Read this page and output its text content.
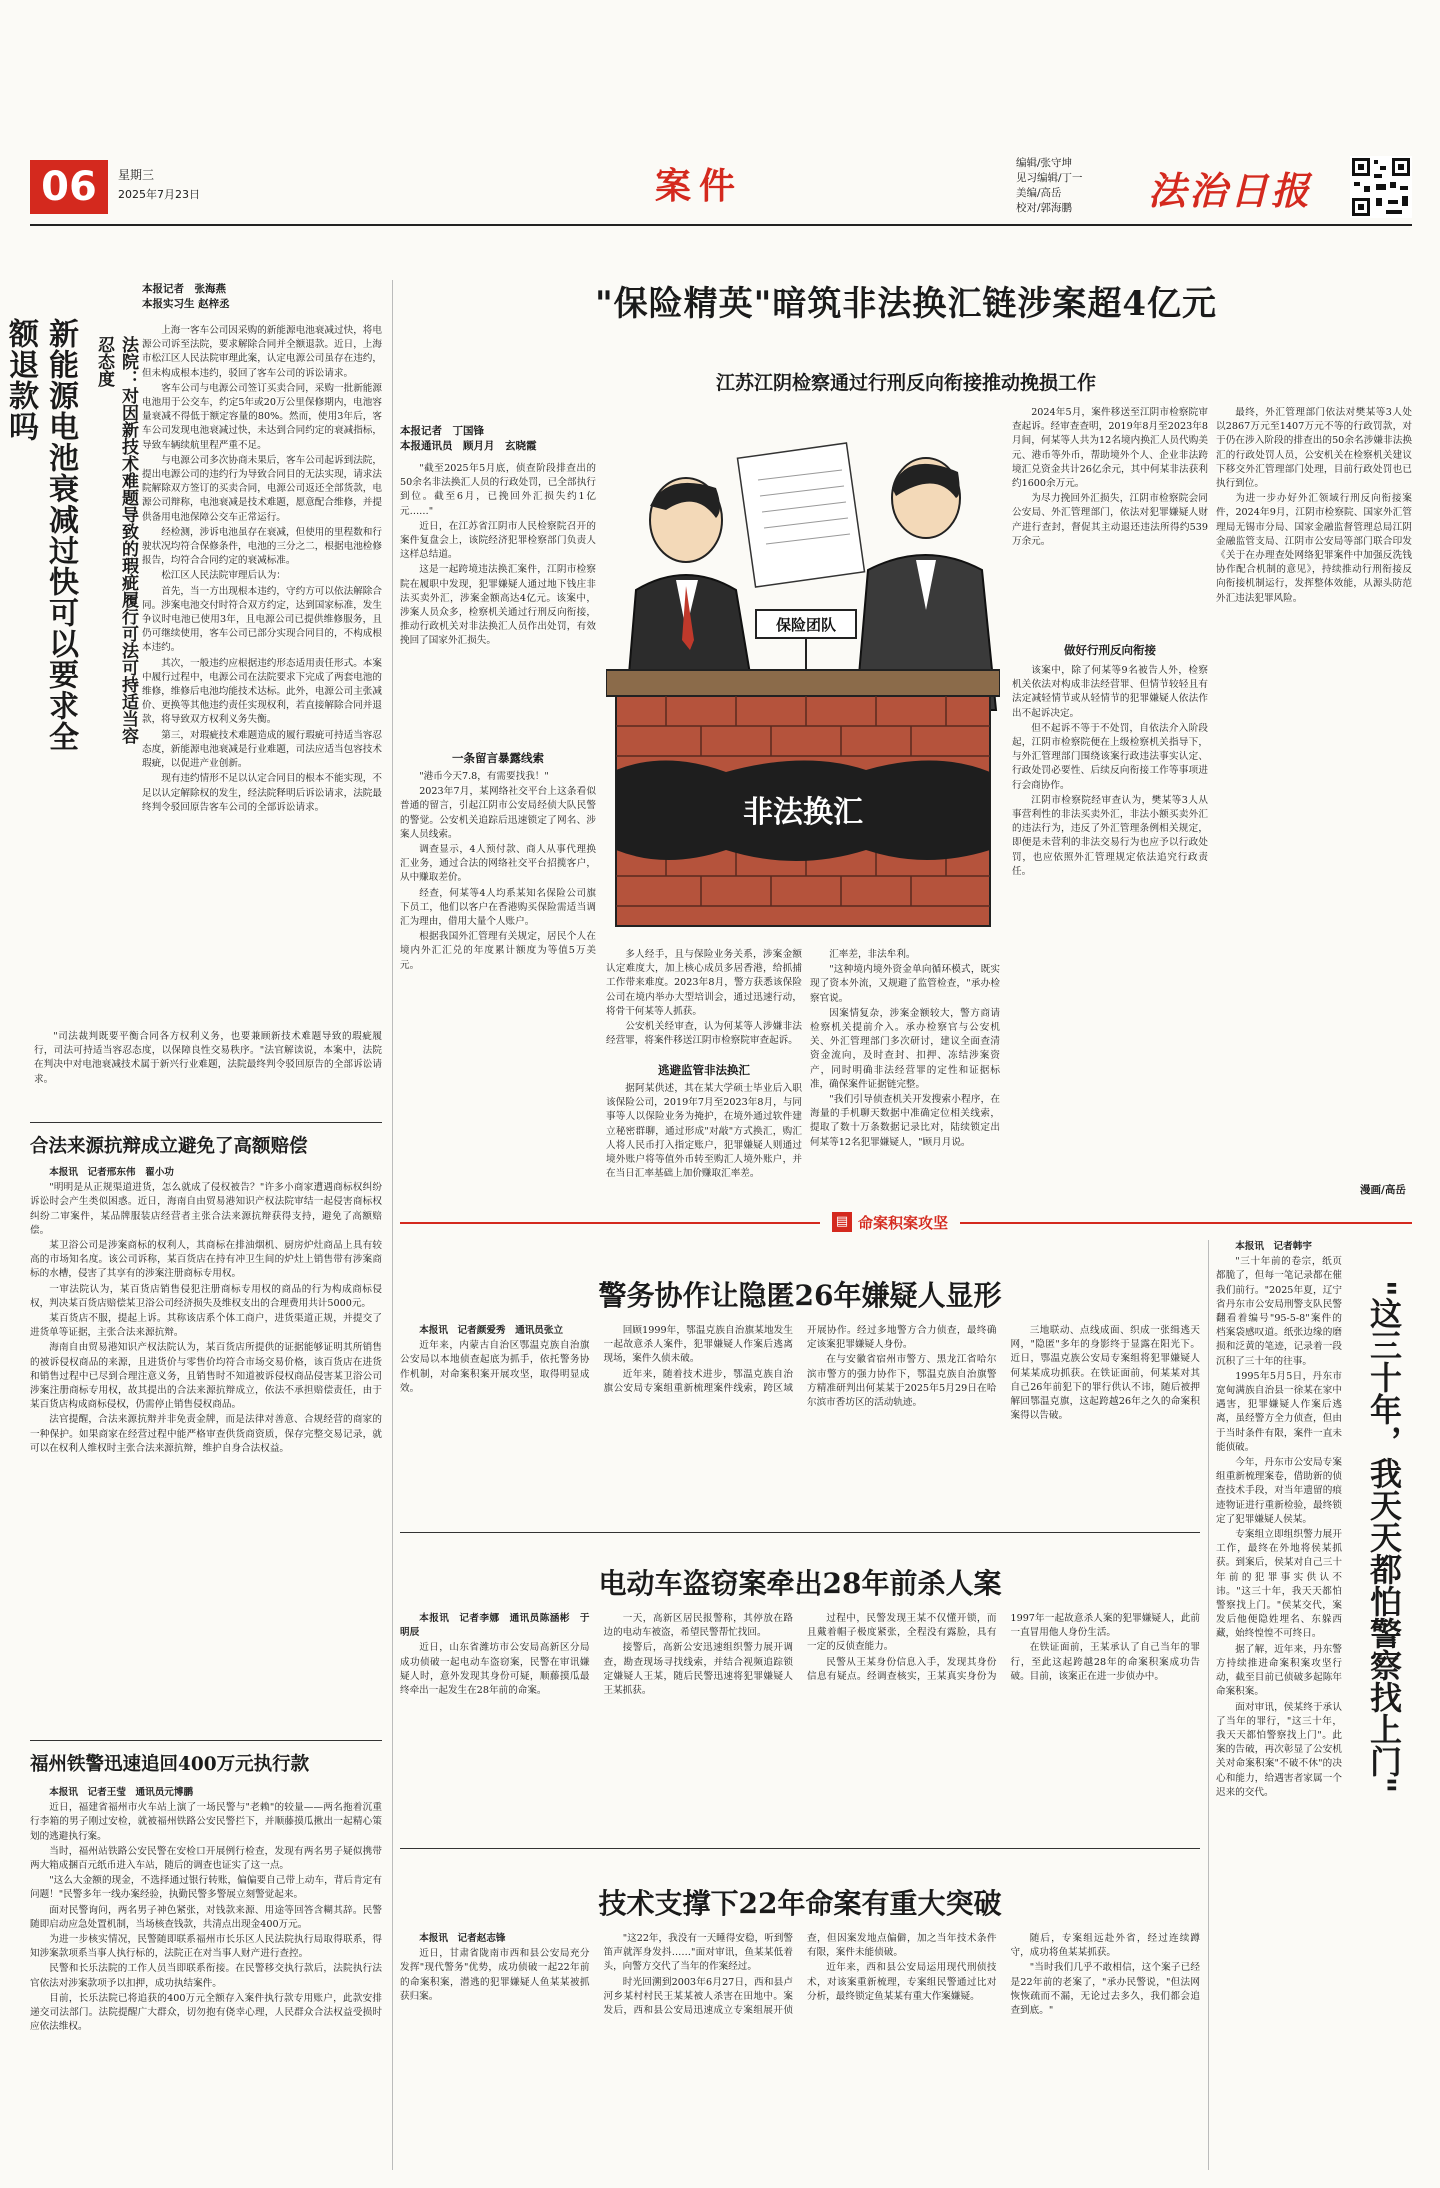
06	星期三
2025年7月23日	案件
编辑/张守坤
见习编辑/丁一
美编/高岳
校对/郭海鹏 法治日报
新能源电池衰减过快可以要求全额退款吗	法院：对因新技术难题导致的瑕疵履行可法可持适当容忍态度
本报记者　张海燕
本报实习生 赵梓丞

上海一客车公司因采购的新能源电池衰减过快，将电源公司诉至法院，要求解除合同并全额退款。近日，上海市松江区人民法院审理此案，认定电源公司虽存在违约，但未构成根本违约，驳回了客车公司的诉讼请求。

客车公司与电源公司签订买卖合同，采购一批新能源电池用于公交车，约定5年或20万公里保修期内，电池容量衰减不得低于额定容量的80%。然而，使用3年后，客车公司发现电池衰减过快，未达到合同约定的衰减指标，导致车辆续航里程严重不足。

与电源公司多次协商未果后，客车公司起诉到法院，提出电源公司的违约行为导致合同目的无法实现，请求法院解除双方签订的买卖合同，电源公司返还全部货款，电源公司辩称，电池衰减是技术难题，愿意配合维修，并提供备用电池保障公交车正常运行。

经检测，涉诉电池虽存在衰减，但使用的里程数和行驶状况均符合保修条件，电池的三分之二，根据电池检修报告，均符合合同约定的衰减标准。

松江区人民法院审理后认为：

首先，当一方出现根本违约，守约方可以依法解除合同。涉案电池交付时符合双方约定，达到国家标准，发生争议时电池已使用3年，且电源公司已提供维修服务，且仍可继续使用，客车公司已部分实现合同目的，不构成根本违约。

其次，一般违约应根据违约形态适用责任形式。本案中履行过程中，电源公司在法院要求下完成了两套电池的维修，维修后电池均能技术达标。此外，电源公司主张减价、更换等其他违约责任实现权利，若直接解除合同并退款，将导致双方权利义务失衡。

第三，对瑕疵技术难题造成的履行瑕疵可持适当容忍态度，新能源电池衰减是行业难题，司法应适当包容技术瑕疵，以促进产业创新。

现有违约情形不足以认定合同目的根本不能实现，不足以认定解除权的发生，经法院释明后诉讼请求，法院最终判令驳回原告客车公司的全部诉讼请求。

"司法裁判既要平衡合同各方权利义务，也要兼顾新技术难题导致的瑕疵履行，司法可持适当容忍态度，以保障良性交易秩序。"法官解读说，本案中，法院在判决中对电池衰减技术属于新兴行业难题，法院最终判令驳回原告的全部诉讼请求。

合法来源抗辩成立避免了高额赔偿

本报讯　记者邢东伟　翟小功

"明明是从正规渠道进货，怎么就成了侵权被告？"许多小商家遭遇商标权纠纷诉讼时会产生类似困惑。近日，海南自由贸易港知识产权法院审结一起侵害商标权纠纷二审案件，某品牌服装店经营者主张合法来源抗辩获得支持，避免了高额赔偿。

某卫浴公司是涉案商标的权利人，其商标在排油烟机、厨房炉灶商品上具有较高的市场知名度。该公司诉称，某百货店在持有冲卫生间的炉灶上销售带有涉案商标的水槽，侵害了其享有的涉案注册商标专用权。

一审法院认为，某百货店销售侵犯注册商标专用权的商品的行为构成商标侵权，判决某百货店赔偿某卫浴公司经济损失及维权支出的合理费用共计5000元。

某百货店不服，提起上诉。其称该店系个体工商户，进货渠道正规，并提交了进货单等证据，主张合法来源抗辩。

海南自由贸易港知识产权法院认为，某百货店所提供的证据能够证明其所销售的被诉侵权商品的来源，且进货价与零售价均符合市场交易价格，该百货店在进货和销售过程中已尽到合理注意义务，且销售时不知道被诉侵权商品侵害某卫浴公司涉案注册商标专用权，故其提出的合法来源抗辩成立，依法不承担赔偿责任，由于某百货店构成商标侵权，仍需停止销售侵权商品。

法官提醒，合法来源抗辩并非免责金牌，而是法律对善意、合规经营的商家的一种保护。如果商家在经营过程中能严格审查供货商资质，保存完整交易记录，就可以在权利人维权时主张合法来源抗辩，维护自身合法权益。

福州铁警迅速追回400万元执行款

本报讯　记者王莹　通讯员元博鹏

近日，福建省福州市火车站上演了一场民警与"老赖"的较量——两名拖着沉重行李箱的男子刚过安检，就被福州铁路公安民警拦下，并顺藤摸瓜揪出一起精心策划的逃避执行案。

当时，福州站铁路公安民警在安检口开展例行检查，发现有两名男子疑似携带两大箱成捆百元纸币进入车站，随后的调查也证实了这一点。

"这么大金额的现金，不选择通过银行转账，偏偏要自己带上动车，背后肯定有问题！"民警多年一线办案经验，执勤民警多警展立刻警觉起来。

面对民警询问，两名男子神色紧张，对钱款来源、用途等回答含糊其辞。民警随即启动应急处置机制，当场核查钱款，共清点出现金400万元。

为进一步核实情况，民警随即联系福州市长乐区人民法院执行局取得联系，得知涉案款项系当事人执行标的，法院正在对当事人财产进行查控。

民警和长乐法院的工作人员当即联系衔接。在民警移交执行款后，法院执行法官依法对涉案款项予以扣押，成功执结案件。

目前，长乐法院已将追获的400万元全额存入案件执行款专用账户，此款安排递交司法部门。法院提醒广大群众，切勿抱有侥幸心理，人民群众合法权益受损时应依法维权。

"保险精英"暗筑非法换汇链涉案超4亿元
江苏江阴检察通过行刑反向衔接推动挽损工作
本报记者　丁国锋
本报通讯员　顾月月　玄晓霞

"截至2025年5月底，侦查阶段排查出的50余名非法换汇人员的行政处罚，已全部执行到位。截至6月，已挽回外汇损失约1亿元……"

近日，在江苏省江阴市人民检察院召开的案件复盘会上，该院经济犯罪检察部门负责人这样总结道。

这是一起跨境违法换汇案件，江阴市检察院在履职中发现，犯罪嫌疑人通过地下钱庄非法买卖外汇，涉案金额高达4亿元。该案中，涉案人员众多，检察机关通过行刑反向衔接，推动行政机关对非法换汇人员作出处罚，有效挽回了国家外汇损失。

一条留言暴露线索

"港币今天7.8，有需要找我！"

2023年7月，某网络社交平台上这条看似普通的留言，引起江阴市公安局经侦大队民警的警觉。公安机关追踪后迅速锁定了网名、涉案人员线索。

调查显示，4人预付款、商人从事代理换汇业务，通过合法的网络社交平台招揽客户，从中赚取差价。

经查，何某等4人均系某知名保险公司旗下员工，他们以客户在香港购买保险需适当调汇为理由，借用大量个人账户。

根据我国外汇管理有关规定，居民个人在境内外汇汇兑的年度累计额度为等值5万美元。

保险团队
非法换汇
漫画/高岳

多人经手，且与保险业务关系，涉案金额认定难度大，加上核心成员多居香港，给抓捕工作带来难度。2023年8月，警方获悉该保险公司在境内举办大型培训会，通过迅速行动，将骨干何某等人抓获。

公安机关经审查，认为何某等人涉嫌非法经营罪，将案件移送江阴市检察院审查起诉。

逃避监管非法换汇

据阿某供述，其在某大学硕士毕业后入职该保险公司，2019年7月至2023年8月，与同事等人以保险业务为掩护，在境外通过软件建立秘密群聊，通过形成"对敲"方式换汇，购汇人将人民币打入指定账户，犯罪嫌疑人则通过境外账户将等值外币转至购汇人境外账户，并在当日汇率基础上加价赚取汇率差。

汇率差，非法牟利。

"这种境内境外资金单向循环模式，既实现了资本外流，又规避了监管检查，"承办检察官说。

因案情复杂，涉案金额较大，警方商请检察机关提前介入。承办检察官与公安机关、外汇管理部门多次研讨，建议全面查清资金流向，及时查封、扣押、冻结涉案资产，同时明确非法经营罪的定性和证据标准，确保案件证据链完整。

"我们引导侦查机关开发搜索小程序，在海量的手机聊天数据中准确定位相关线索，提取了数十万条数据记录比对，陆续锁定出何某等12名犯罪嫌疑人，"顾月月说。

2024年5月，案件移送至江阴市检察院审查起诉。经审查查明，2019年8月至2023年8月间，何某等人共为12名境内换汇人员代购美元、港币等外币，帮助境外个人、企业非法跨境汇兑资金共计26亿余元，其中何某非法获利约1600余万元。

为尽力挽回外汇损失，江阴市检察院会同公安局、外汇管理部门，依法对犯罪嫌疑人财产进行查封，督促其主动退还违法所得约539万余元。

做好行刑反向衔接

该案中，除了何某等9名被告人外，检察机关依法对构成非法经营罪、但情节较轻且有法定减轻情节或从轻情节的犯罪嫌疑人依法作出不起诉决定。

但不起诉不等于不处罚，自依法介入阶段起，江阴市检察院便在上级检察机关指导下，与外汇管理部门围绕该案行政违法事实认定、行政处罚必要性、后续反向衔接工作等事项进行会商协作。

江阴市检察院经审查认为，樊某等3人从事营利性的非法买卖外汇，非法小额买卖外汇的违法行为，违反了外汇管理条例相关规定，即便是未营利的非法交易行为也应予以行政处罚，也应依照外汇管理规定依法追究行政责任。

最终，外汇管理部门依法对樊某等3人处以2867万元至1407万元不等的行政罚款，对于仍在涉入阶段的排查出的50余名涉嫌非法换汇的行政处罚人员，公安机关在检察机关建议下移交外汇管理部门处理，目前行政处罚也已执行到位。

为进一步办好外汇领域行刑反向衔接案件，2024年9月，江阴市检察院、国家外汇管理局无锡市分局、国家金融监督管理总局江阴金融监管支局、江阴市公安局等部门联合印发《关于在办理查处网络犯罪案件中加强反洗钱协作配合机制的意见》，持续推动行刑衔接反向衔接机制运行，发挥整体效能，从源头防范外汇违法犯罪风险。

▤ 命案积案攻坚
警务协作让隐匿26年嫌疑人显形

本报讯　记者颜爱秀　通讯员张立

近年来，内蒙古自治区鄂温克族自治旗公安局以本地侦查起底为抓手，依托警务协作机制，对命案积案开展攻坚，取得明显成效。

回顾1999年，鄂温克族自治旗某地发生一起故意杀人案件，犯罪嫌疑人作案后逃离现场，案件久侦未破。

近年来，随着技术进步，鄂温克族自治旗公安局专案组重新梳理案件线索，跨区域开展协作。经过多地警方合力侦查，最终确定该案犯罪嫌疑人身份。

在与安徽省宿州市警方、黑龙江省哈尔滨市警方的强力协作下，鄂温克族自治旗警方精准研判出何某某于2025年5月29日在哈尔滨市香坊区的活动轨迹。

三地联动、点线成面、织成一张缉逃天网，"隐匿"多年的身影终于显露在阳光下。近日，鄂温克族公安局专案组将犯罪嫌疑人何某某成功抓获。在铁证面前，何某某对其自己26年前犯下的罪行供认不讳，随后被押解回鄂温克旗，这起跨越26年之久的命案积案得以告破。

电动车盗窃案牵出28年前杀人案

本报讯　记者李娜　通讯员陈涵彬　于明辰

近日，山东省潍坊市公安局高新区分局成功侦破一起电动车盗窃案，民警在审讯嫌疑人时，意外发现其身份可疑，顺藤摸瓜最终牵出一起发生在28年前的命案。

一天，高新区居民报警称，其停放在路边的电动车被盗，希望民警帮忙找回。

接警后，高新公安迅速组织警力展开调查，勘查现场寻找线索，并结合视频追踪锁定嫌疑人王某，随后民警迅速将犯罪嫌疑人王某抓获。

过程中，民警发现王某不仅懂开锁，而且戴着帽子极度紧张，全程没有露脸，具有一定的反侦查能力。

民警从王某身份信息入手，发现其身份信息有疑点。经调查核实，王某真实身份为1997年一起故意杀人案的犯罪嫌疑人，此前一直冒用他人身份生活。

在铁证面前，王某承认了自己当年的罪行，至此这起跨越28年的命案积案成功告破。目前，该案正在进一步侦办中。

技术支撑下22年命案有重大突破

本报讯　记者赵志锋

近日，甘肃省陇南市西和县公安局充分发挥"现代警务"优势，成功侦破一起22年前的命案积案，潜逃的犯罪嫌疑人鱼某某被抓获归案。

"这22年，我没有一天睡得安稳，听到警笛声就浑身发抖……"面对审讯，鱼某某低着头，向警方交代了当年的作案经过。

时光回溯到2003年6月27日，西和县卢河乡某村村民王某某被人杀害在田地中。案发后，西和县公安局迅速成立专案组展开侦查，但因案发地点偏僻，加之当年技术条件有限，案件未能侦破。

近年来，西和县公安局运用现代刑侦技术，对该案重新梳理，专案组民警通过比对分析，最终锁定鱼某某有重大作案嫌疑。

随后，专案组远赴外省，经过连续蹲守，成功将鱼某某抓获。

"当时我们几乎不敢相信，这个案子已经是22年前的老案了，"承办民警说，"但法网恢恢疏而不漏，无论过去多久，我们都会追查到底。"

本报讯　记者韩宇

"三十年前的卷宗，纸页都脆了，但每一笔记录都在催我们前行。"2025年夏，辽宁省丹东市公安局刑警支队民警翻看着编号"95-5-8"案件的档案袋感叹道。纸张边缘的磨损和泛黄的笔迹，记录着一段沉积了三十年的往事。

1995年5月5日，丹东市宽甸满族自治县一徐某在家中遇害，犯罪嫌疑人作案后逃离，虽经警方全力侦查，但由于当时条件有限，案件一直未能侦破。

今年，丹东市公安局专案组重新梳理案卷，借助新的侦查技术手段，对当年遗留的痕迹物证进行重新检验，最终锁定了犯罪嫌疑人侯某。

专案组立即组织警力展开工作，最终在外地将侯某抓获。到案后，侯某对自己三十年前的犯罪事实供认不讳。"这三十年，我天天都怕警察找上门。"侯某交代，案发后他便隐姓埋名、东躲西藏，始终惶惶不可终日。

据了解，近年来，丹东警方持续推进命案积案攻坚行动，截至目前已侦破多起陈年命案积案。

面对审讯，侯某终于承认了当年的罪行，"这三十年，我天天都怕警察找上门"。此案的告破，再次彰显了公安机关对命案积案"不破不休"的决心和能力，给遇害者家属一个迟来的交代。	"这三十年，我天天都怕警察找上门"
